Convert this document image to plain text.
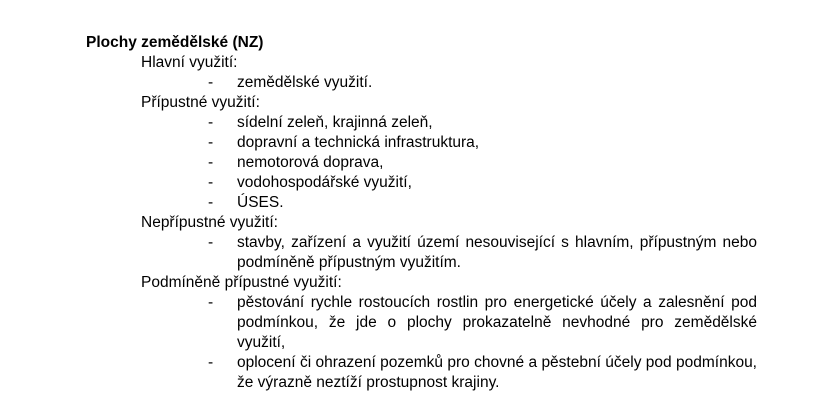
Plochy zemědělské (NZ)
Hlavní využití:
- zemědělské využití.
Přípustné využití:
- sídelní zeleň, krajinná zeleň,
- dopravní a technická infrastruktura,
- nemotorová doprava,
- vodohospodářské využití,
- ÚSES.
Nepřípustné využití:
- stavby, zařízení a využití území nesouvisející s hlavním, přípustným nebo podmíněně přípustným využitím.
Podmíněně přípustné využití:
- pěstování rychle rostoucích rostlin pro energetické účely a zalesnění pod podmínkou, že jde o plochy prokazatelně nevhodné pro zemědělské využití,
- oplocení či ohrazení pozemků pro chovné a pěstební účely pod podmínkou, že výrazně neztíží prostupnost krajiny.
